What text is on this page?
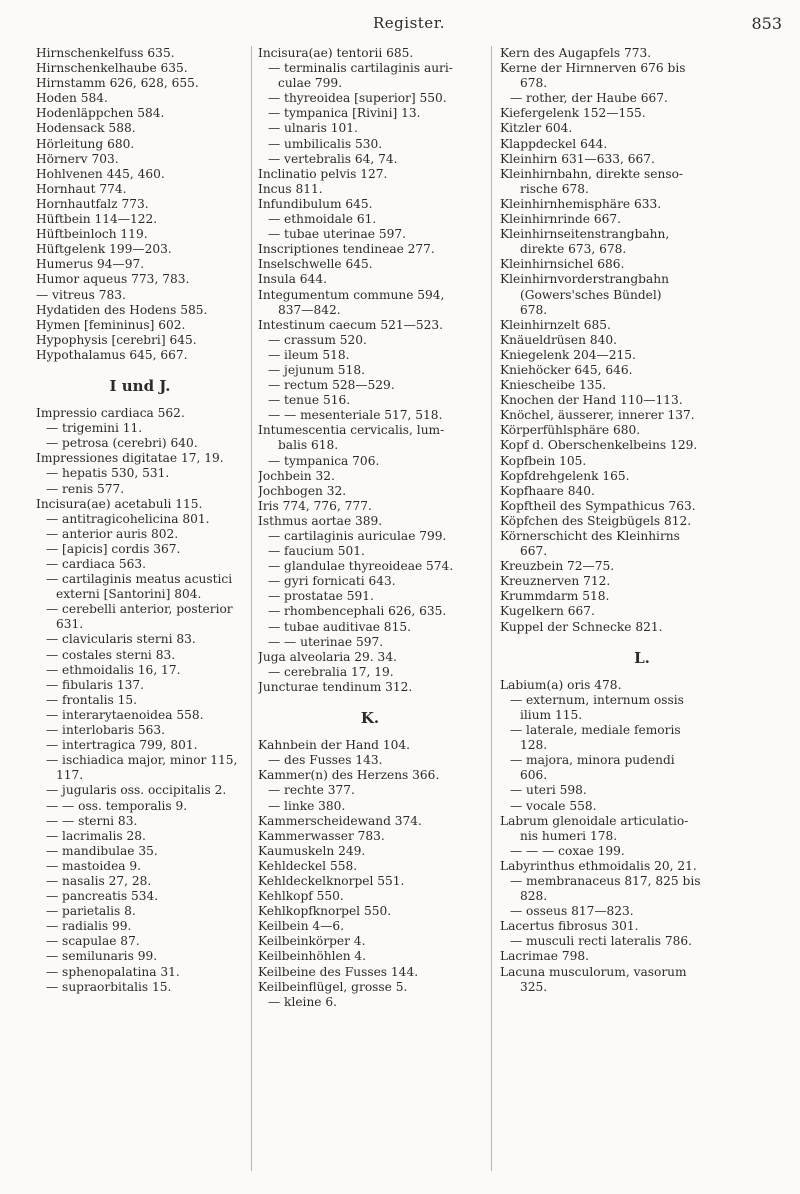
Register.	853
Hirnschenkelfuss 635.
Hirnschenkelhaube 635.
Hirnstamm 626, 628, 655.
Hoden 584.
Hodenläppchen 584.
Hodensack 588.
Hörleitung 680.
Hörnerv 703.
Hohlvenen 445, 460.
Hornhaut 774.
Hornhautfalz 773.
Hüftbein 114—122.
Hüftbeinloch 119.
Hüftgelenk 199—203.
Humerus 94—97.
Humor aqueus 773, 783.
— vitreus 783.
Hydatiden des Hodens 585.
Hymen [femininus] 602.
Hypophysis [cerebri] 645.
Hypothalamus 645, 667.
I und J.
Impressio cardiaca 562.
— trigemini 11.
— petrosa (cerebri) 640.
Impressiones digitatae 17, 19.
— hepatis 530, 531.
— renis 577.
Incisura(ae) acetabuli 115.
— antitragicohelicina 801.
— anterior auris 802.
— [apicis] cordis 367.
— cardiaca 563.
— cartilaginis meatus acustici
externi [Santorini] 804.
— cerebelli anterior, posterior
631.
— clavicularis sterni 83.
— costales sterni 83.
— ethmoidalis 16, 17.
— fibularis 137.
— frontalis 15.
— interarytaenoidea 558.
— interlobaris 563.
— intertragica 799, 801.
— ischiadica major, minor 115,
117.
— jugularis oss. occipitalis 2.
— — oss. temporalis 9.
— — sterni 83.
— lacrimalis 28.
— mandibulae 35.
— mastoidea 9.
— nasalis 27, 28.
— pancreatis 534.
— parietalis 8.
— radialis 99.
— scapulae 87.
— semilunaris 99.
— sphenopalatina 31.
— supraorbitalis 15.
Incisura(ae) tentorii 685.
— terminalis cartilaginis auri-
culae 799.
— thyreoidea [superior] 550.
— tympanica [Rivini] 13.
— ulnaris 101.
— umbilicalis 530.
— vertebralis 64, 74.
Inclinatio pelvis 127.
Incus 811.
Infundibulum 645.
— ethmoidale 61.
— tubae uterinae 597.
Inscriptiones tendineae 277.
Inselschwelle 645.
Insula 644.
Integumentum commune 594,
837—842.
Intestinum caecum 521—523.
— crassum 520.
— ileum 518.
— jejunum 518.
— rectum 528—529.
— tenue 516.
— — mesenteriale 517, 518.
Intumescentia cervicalis, lum-
balis 618.
— tympanica 706.
Jochbein 32.
Jochbogen 32.
Iris 774, 776, 777.
Isthmus aortae 389.
— cartilaginis auriculae 799.
— faucium 501.
— glandulae thyreoideae 574.
— gyri fornicati 643.
— prostatae 591.
— rhombencephali 626, 635.
— tubae auditivae 815.
— — uterinae 597.
Juga alveolaria 29. 34.
— cerebralia 17, 19.
Juncturae tendinum 312.
K.
Kahnbein der Hand 104.
— des Fusses 143.
Kammer(n) des Herzens 366.
— rechte 377.
— linke 380.
Kammerscheidewand 374.
Kammerwasser 783.
Kaumuskeln 249.
Kehldeckel 558.
Kehldeckelknorpel 551.
Kehlkopf 550.
Kehlkopfknorpel 550.
Keilbein 4—6.
Keilbeinkörper 4.
Keilbeinhöhlen 4.
Keilbeine des Fusses 144.
Keilbeinflügel, grosse 5.
— kleine 6.
Kern des Augapfels 773.
Kerne der Hirnnerven 676 bis
678.
— rother, der Haube 667.
Kiefergelenk 152—155.
Kitzler 604.
Klappdeckel 644.
Kleinhirn 631—633, 667.
Kleinhirnbahn, direkte senso-
rische 678.
Kleinhirnhemisphäre 633.
Kleinhirnrinde 667.
Kleinhirnseitenstrangbahn,
direkte 673, 678.
Kleinhirnsichel 686.
Kleinhirnvorderstrangbahn
(Gowers'sches Bündel)
678.
Kleinhirnzelt 685.
Knäueldrüsen 840.
Kniegelenk 204—215.
Kniehöcker 645, 646.
Kniescheibe 135.
Knochen der Hand 110—113.
Knöchel, äusserer, innerer 137.
Körperfühlsphäre 680.
Kopf d. Oberschenkelbeins 129.
Kopfbein 105.
Kopfdrehgelenk 165.
Kopfhaare 840.
Kopftheil des Sympathicus 763.
Köpfchen des Steigbügels 812.
Körnerschicht des Kleinhirns
667.
Kreuzbein 72—75.
Kreuznerven 712.
Krummdarm 518.
Kugelkern 667.
Kuppel der Schnecke 821.
L.
Labium(a) oris 478.
— externum, internum ossis
ilium 115.
— laterale, mediale femoris
128.
— majora, minora pudendi
606.
— uteri 598.
— vocale 558.
Labrum glenoidale articulatio-
nis humeri 178.
— — — coxae 199.
Labyrinthus ethmoidalis 20, 21.
— membranaceus 817, 825 bis
828.
— osseus 817—823.
Lacertus fibrosus 301.
— musculi recti lateralis 786.
Lacrimae 798.
Lacuna musculorum, vasorum
325.
